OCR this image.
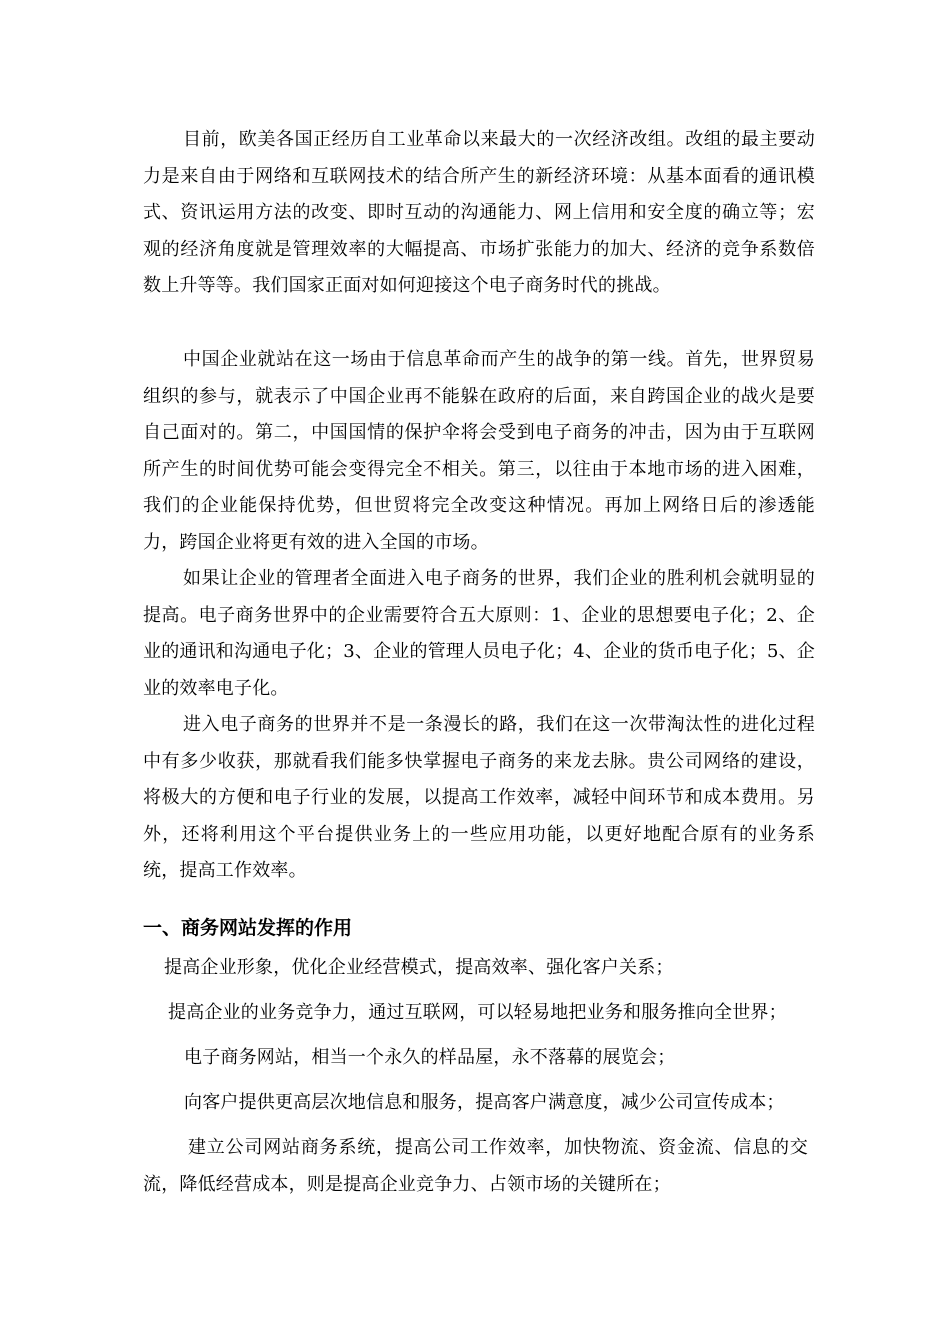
目前，欧美各国正经历自工业革命以来最大的一次经济改组。改组的最主要动力是来自由于网络和互联网技术的结合所产生的新经济环境：从基本面看的通讯模式、资讯运用方法的改变、即时互动的沟通能力、网上信用和安全度的确立等；宏观的经济角度就是管理效率的大幅提高、市场扩张能力的加大、经济的竞争系数倍数上升等等。我们国家正面对如何迎接这个电子商务时代的挑战。

中国企业就站在这一场由于信息革命而产生的战争的第一线。首先，世界贸易组织的参与，就表示了中国企业再不能躲在政府的后面，来自跨国企业的战火是要自己面对的。第二，中国国情的保护伞将会受到电子商务的冲击，因为由于互联网所产生的时间优势可能会变得完全不相关。第三，以往由于本地市场的进入困难，我们的企业能保持优势，但世贸将完全改变这种情况。再加上网络日后的渗透能力，跨国企业将更有效的进入全国的市场。

如果让企业的管理者全面进入电子商务的世界，我们企业的胜利机会就明显的提高。电子商务世界中的企业需要符合五大原则：1、企业的思想要电子化；2、企业的通讯和沟通电子化；3、企业的管理人员电子化；4、企业的货币电子化；5、企业的效率电子化。

进入电子商务的世界并不是一条漫长的路，我们在这一次带淘汰性的进化过程中有多少收获，那就看我们能多快掌握电子商务的来龙去脉。贵公司网络的建设，将极大的方便和电子行业的发展，以提高工作效率，减轻中间环节和成本费用。另外，还将利用这个平台提供业务上的一些应用功能，以更好地配合原有的业务系统，提高工作效率。

一、商务网站发挥的作用

提高企业形象，优化企业经营模式，提高效率、强化客户关系；

提高企业的业务竞争力，通过互联网，可以轻易地把业务和服务推向全世界；

电子商务网站，相当一个永久的样品屋，永不落幕的展览会；

向客户提供更高层次地信息和服务，提高客户满意度，减少公司宣传成本；

建立公司网站商务系统，提高公司工作效率，加快物流、资金流、信息的交流，降低经营成本，则是提高企业竞争力、占领市场的关键所在；
